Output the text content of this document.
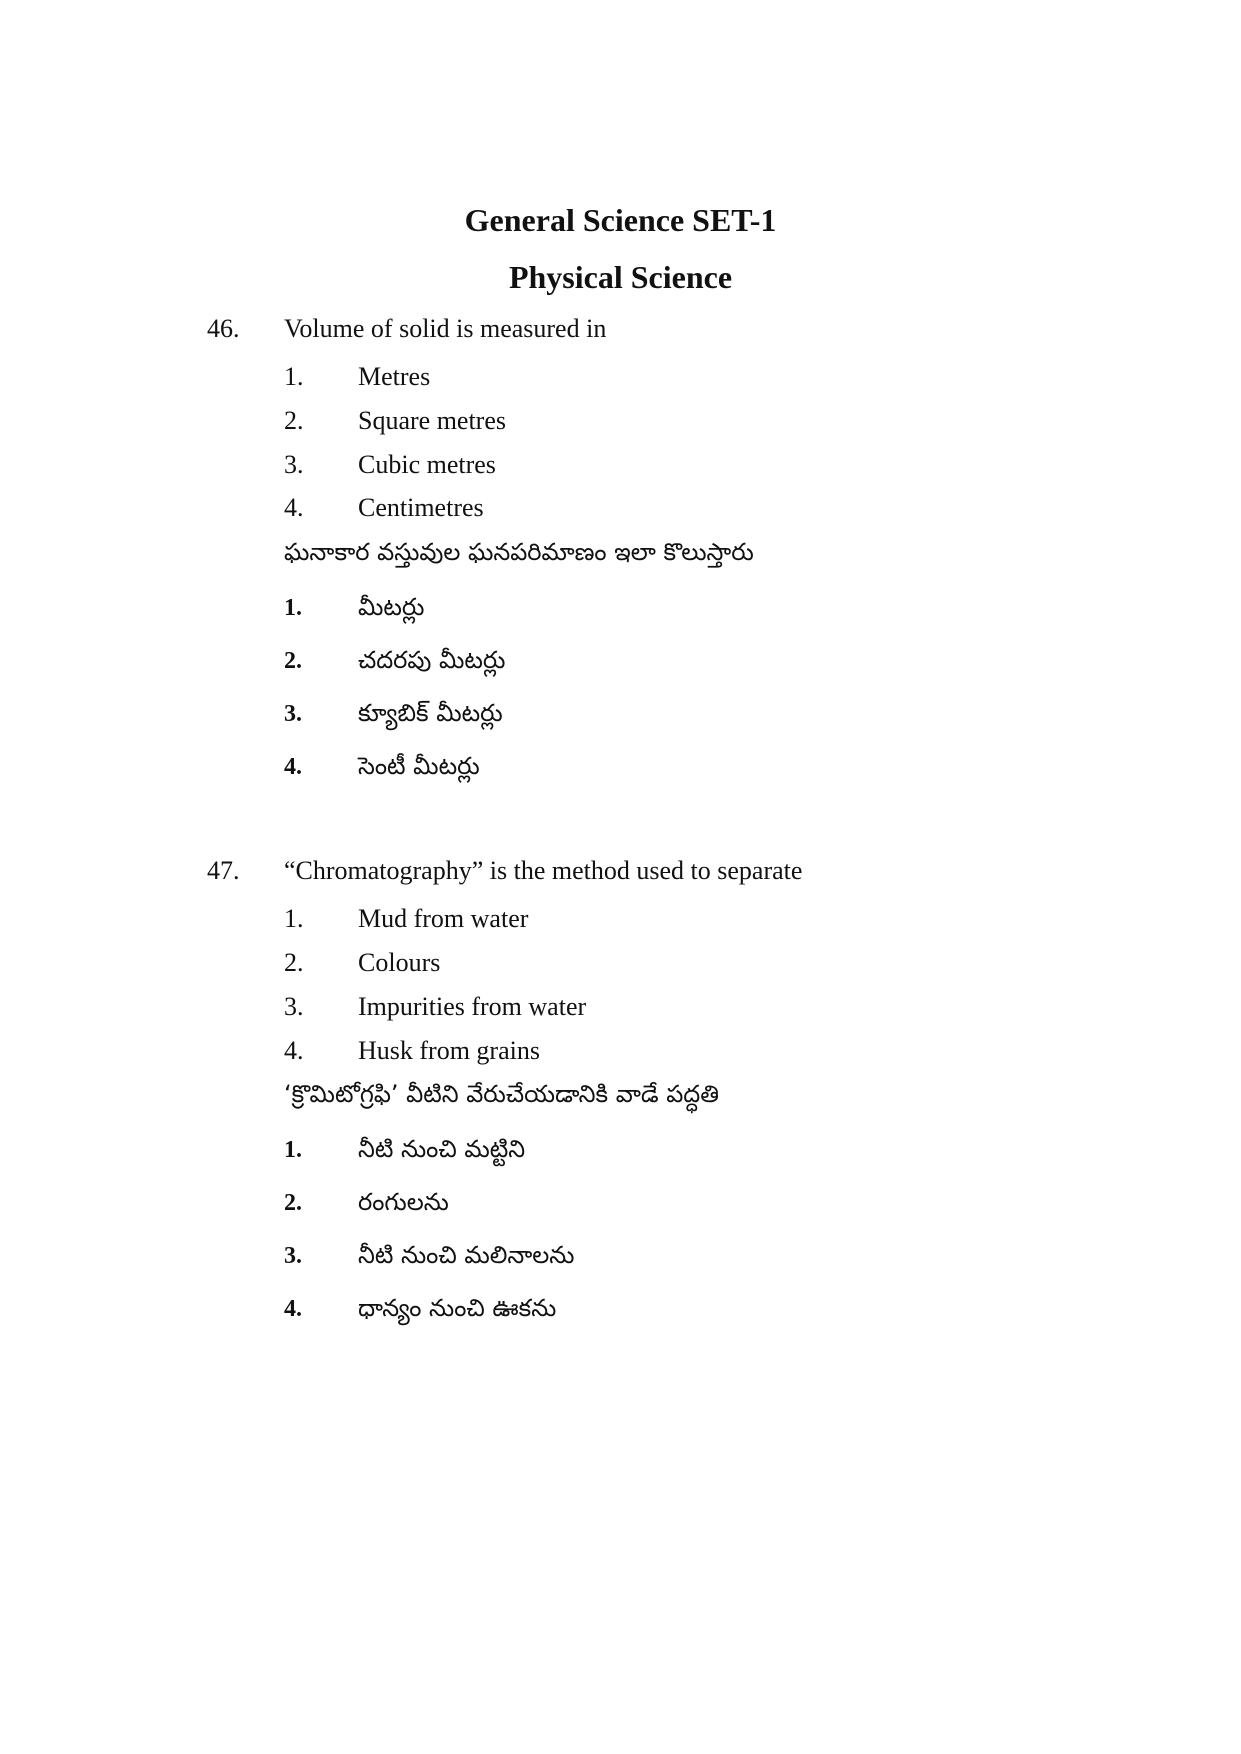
General Science SET-1
Physical Science
46. Volume of solid is measured in
1. Metres
2. Square metres
3. Cubic metres
4. Centimetres
ఘనాకార వస్తువుల ఘనపరిమాణం ఇలా కొలుస్తారు
1. మీటర్లు
2. చదరపు మీటర్లు
3. క్యూబిక్ మీటర్లు
4. సెంటీ మీటర్లు
47. “Chromatography” is the method used to separate
1. Mud from water
2. Colours
3. Impurities from water
4. Husk from grains
‘క్రొమిటోగ్రఫి’ వీటిని వేరుచేయడానికి వాడే పద్ధతి
1. నీటి నుంచి మట్టిని
2. రంగులను
3. నీటి నుంచి మలినాలను
4. ధాన్యం నుంచి ఊకను
